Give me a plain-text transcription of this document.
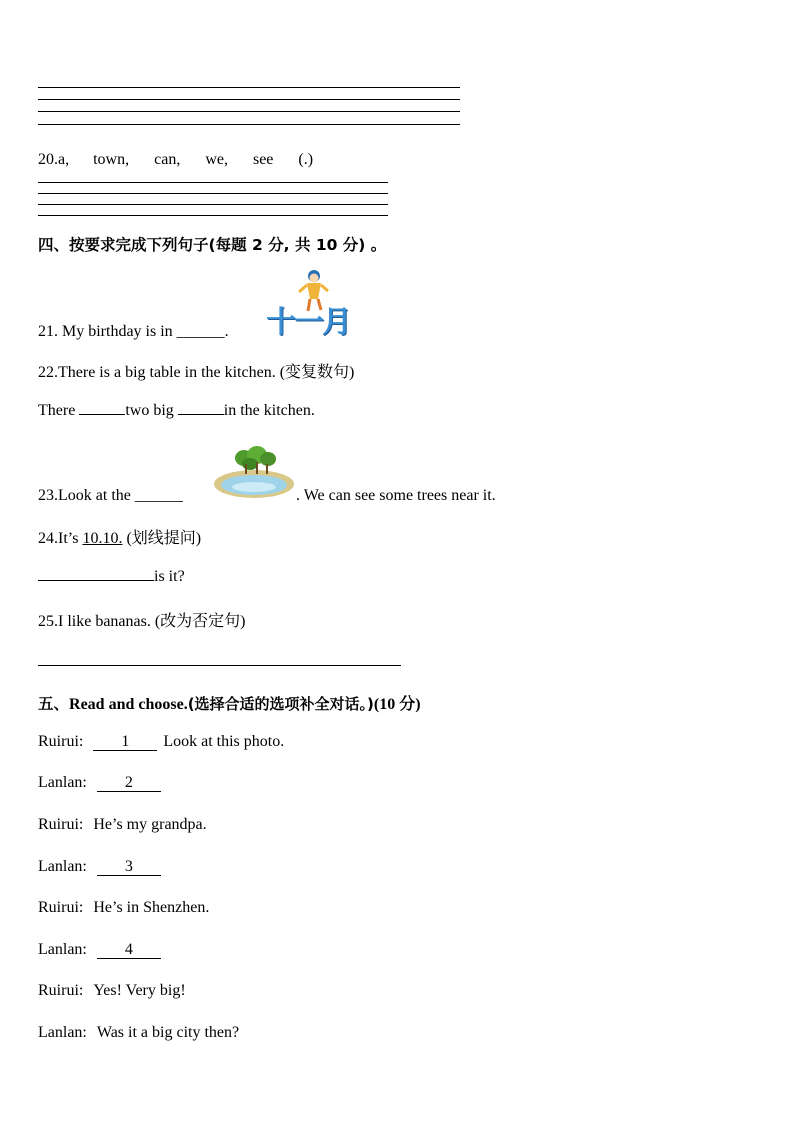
20.a, town, can, we, see (.)
四、按要求完成下列句子(每题 2 分, 共 10 分) 。
21. My birthday is in ______. 十一月
22.There is a big table in the kitchen. (变复数句)
There	two big	in the kitchen.
23.Look at the ______	. We can see some trees near it.
24.It’s 10.10. (划线提问)
is it?
25.I like bananas. (改为否定句)
五、Read and choose.(选择合适的选项补全对话。)(10 分)
Ruirui: 1 Look at this photo.
Lanlan: 2
Ruirui: He’s my grandpa.
Lanlan: 3
Ruirui: He’s in Shenzhen.
Lanlan: 4
Ruirui: Yes! Very big!
Lanlan: Was it a big city then?
